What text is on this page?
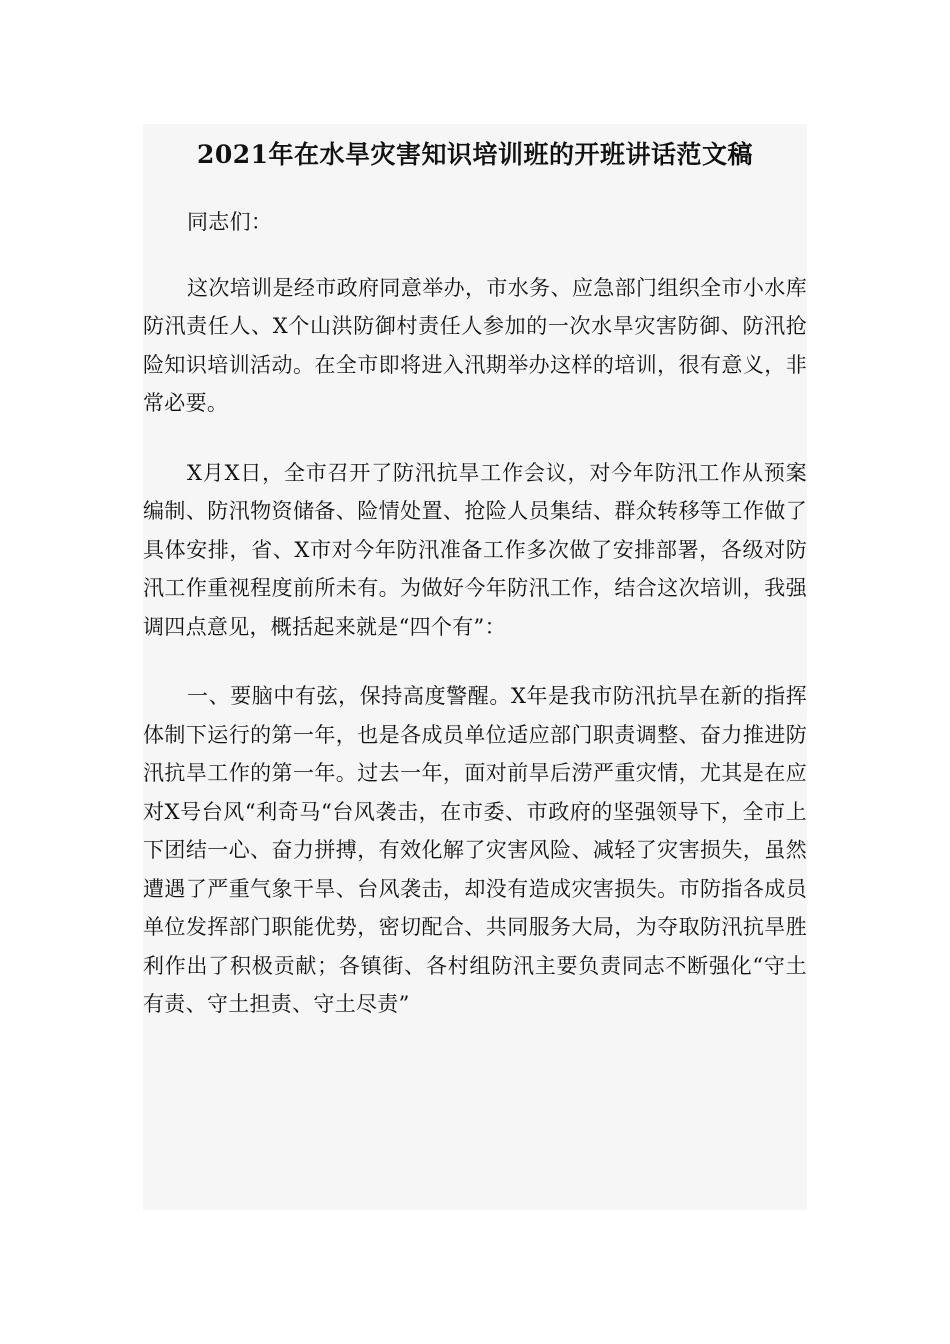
2021年在水旱灾害知识培训班的开班讲话范文稿

同志们：

这次培训是经市政府同意举办，市水务、应急部门组织全市小水库防汛责任人、X个山洪防御村责任人参加的一次水旱灾害防御、防汛抢险知识培训活动。在全市即将进入汛期举办这样的培训，很有意义，非常必要。

X月X日，全市召开了防汛抗旱工作会议，对今年防汛工作从预案编制、防汛物资储备、险情处置、抢险人员集结、群众转移等工作做了具体安排，省、X市对今年防汛准备工作多次做了安排部署，各级对防汛工作重视程度前所未有。为做好今年防汛工作，结合这次培训，我强调四点意见，概括起来就是“四个有”：

一、要脑中有弦，保持高度警醒。X年是我市防汛抗旱在新的指挥体制下运行的第一年，也是各成员单位适应部门职责调整、奋力推进防汛抗旱工作的第一年。过去一年，面对前旱后涝严重灾情，尤其是在应对X号台风“利奇马“台风袭击，在市委、市政府的坚强领导下，全市上下团结一心、奋力拼搏，有效化解了灾害风险、减轻了灾害损失，虽然遭遇了严重气象干旱、台风袭击，却没有造成灾害损失。市防指各成员单位发挥部门职能优势，密切配合、共同服务大局，为夺取防汛抗旱胜利作出了积极贡献；各镇街、各村组防汛主要负责同志不断强化“守土有责、守土担责、守土尽责”
